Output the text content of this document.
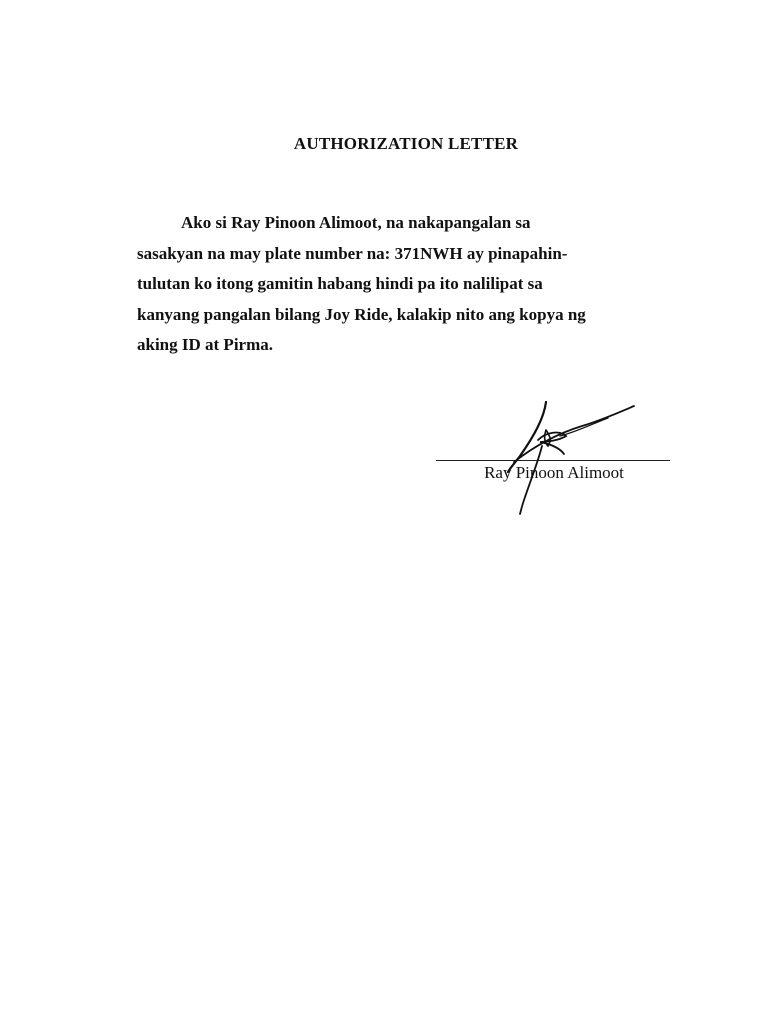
AUTHORIZATION LETTER

Ako si Ray Pinoon Alimoot, na nakapangalan sa
sasakyan na may plate number na: 371NWH ay pinapahin-
tulutan ko itong gamitin habang hindi pa ito nalilipat sa
kanyang pangalan bilang Joy Ride, kalakip nito ang kopya ng
aking ID at Pirma.

Ray Pinoon Alimoot
